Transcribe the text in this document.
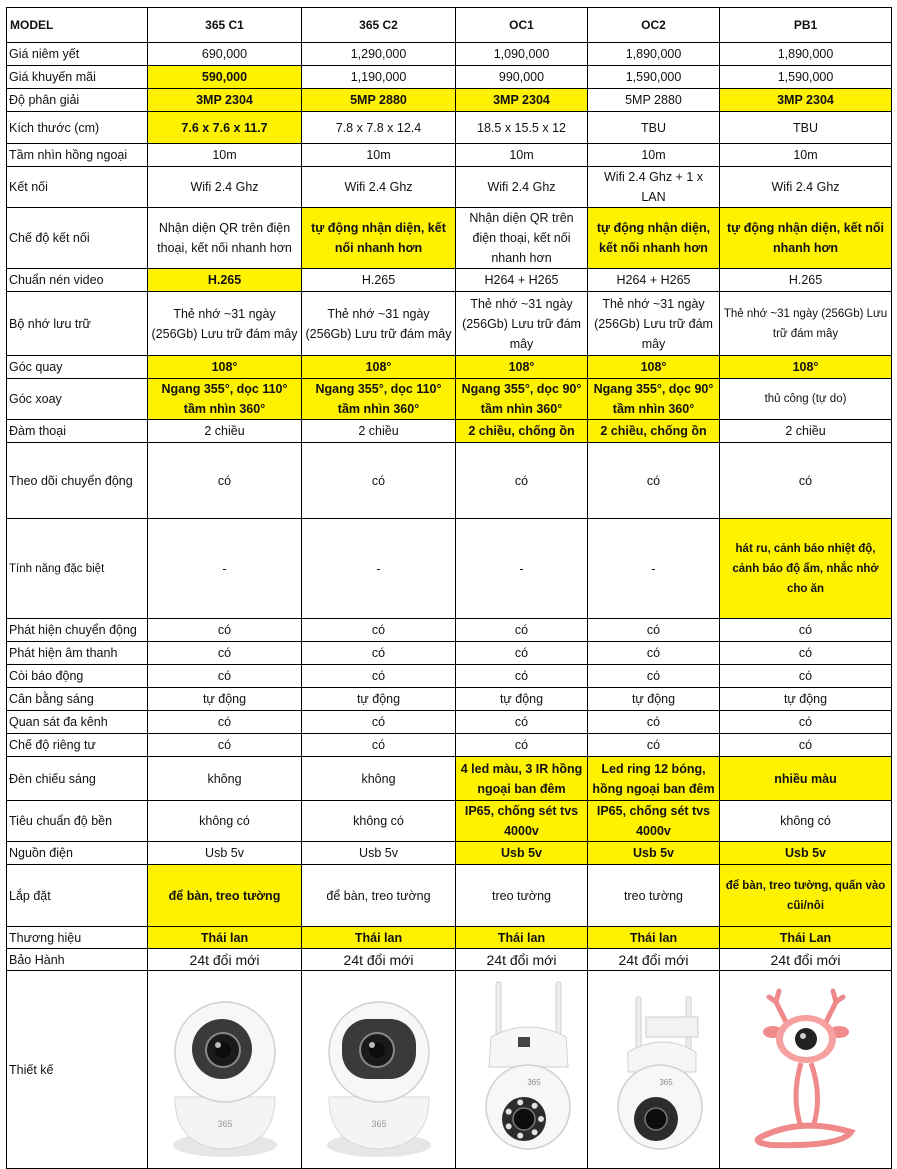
MODEL	365 C1	365 C2	OC1	OC2	PB1
Giá niêm yết	690,000	1,290,000	1,090,000	1,890,000	1,890,000
Giá khuyến mãi	590,000	1,190,000	990,000	1,590,000	1,590,000
Độ phân giải	3MP 2304	5MP 2880	3MP 2304	5MP 2880	3MP 2304
Kích thước (cm)	7.6 x 7.6 x 11.7	7.8 x 7.8 x 12.4	18.5 x 15.5 x 12	TBU	TBU
Tầm nhìn hồng ngoại	10m	10m	10m	10m	10m
Kết nối	Wifi 2.4 Ghz	Wifi 2.4 Ghz	Wifi 2.4 Ghz	Wifi 2.4 Ghz + 1 x LAN	Wifi 2.4 Ghz
Chế độ kết nối	Nhận diện QR trên điện thoại, kết nối nhanh hơn	tự động nhận diện, kết nối nhanh hơn	Nhận diện QR trên điện thoại, kết nối nhanh hơn	tự động nhận diện, kết nối nhanh hơn	tự động nhận diện, kết nối nhanh hơn
Chuẩn nén video	H.265	H.265	H264 + H265	H264 + H265	H.265
Bộ nhớ lưu trữ	Thẻ nhớ ~31 ngày (256Gb) Lưu trữ đám mây	Thẻ nhớ ~31 ngày (256Gb) Lưu trữ đám mây	Thẻ nhớ ~31 ngày (256Gb) Lưu trữ đám mây	Thẻ nhớ ~31 ngày (256Gb) Lưu trữ đám mây	Thẻ nhớ ~31 ngày (256Gb) Lưu trữ đám mây
Góc quay	108°	108°	108°	108°	108°
Góc xoay	Ngang 355°, dọc 110° tầm nhìn 360°	Ngang 355°, dọc 110° tầm nhìn 360°	Ngang 355°, dọc 90° tầm nhìn 360°	Ngang 355°, dọc 90° tầm nhìn 360°	thủ công (tự do)
Đàm thoại	2 chiều	2 chiều	2 chiều, chống ồn	2 chiều, chống ồn	2 chiều
Theo dõi chuyển động	có	có	có	có	có
Tính năng đặc biệt	-	-	-	-	hát ru, cảnh báo nhiệt độ, cảnh báo độ ẩm, nhắc nhở cho ăn
Phát hiện chuyển động	có	có	có	có	có
Phát hiện âm thanh	có	có	có	có	có
Còi báo động	có	có	có	có	có
Cân bằng sáng	tự động	tự động	tự động	tự động	tự động
Quan sát đa kênh	có	có	có	có	có
Chế độ riêng tư	có	có	có	có	có
Đèn chiếu sáng	không	không	4 led màu, 3 IR hồng ngoại ban đêm	Led ring 12 bóng, hồng ngoại ban đêm	nhiều màu
Tiêu chuẩn độ bền	không có	không có	IP65, chống sét tvs 4000v	IP65, chống sét tvs 4000v	không có
Nguồn điện	Usb 5v	Usb 5v	Usb 5v	Usb 5v	Usb 5v
Lắp đặt	để bàn, treo tường	để bàn, treo tường	treo tường	treo tường	để bàn, treo tường, quấn vào cũi/nôi
Thương hiệu	Thái lan	Thái lan	Thái lan	Thái lan	Thái Lan
Bảo Hành	24t đổi mới	24t đổi mới	24t đổi mới	24t đổi mới	24t đổi mới
Thiết kế	365	365	365	365
